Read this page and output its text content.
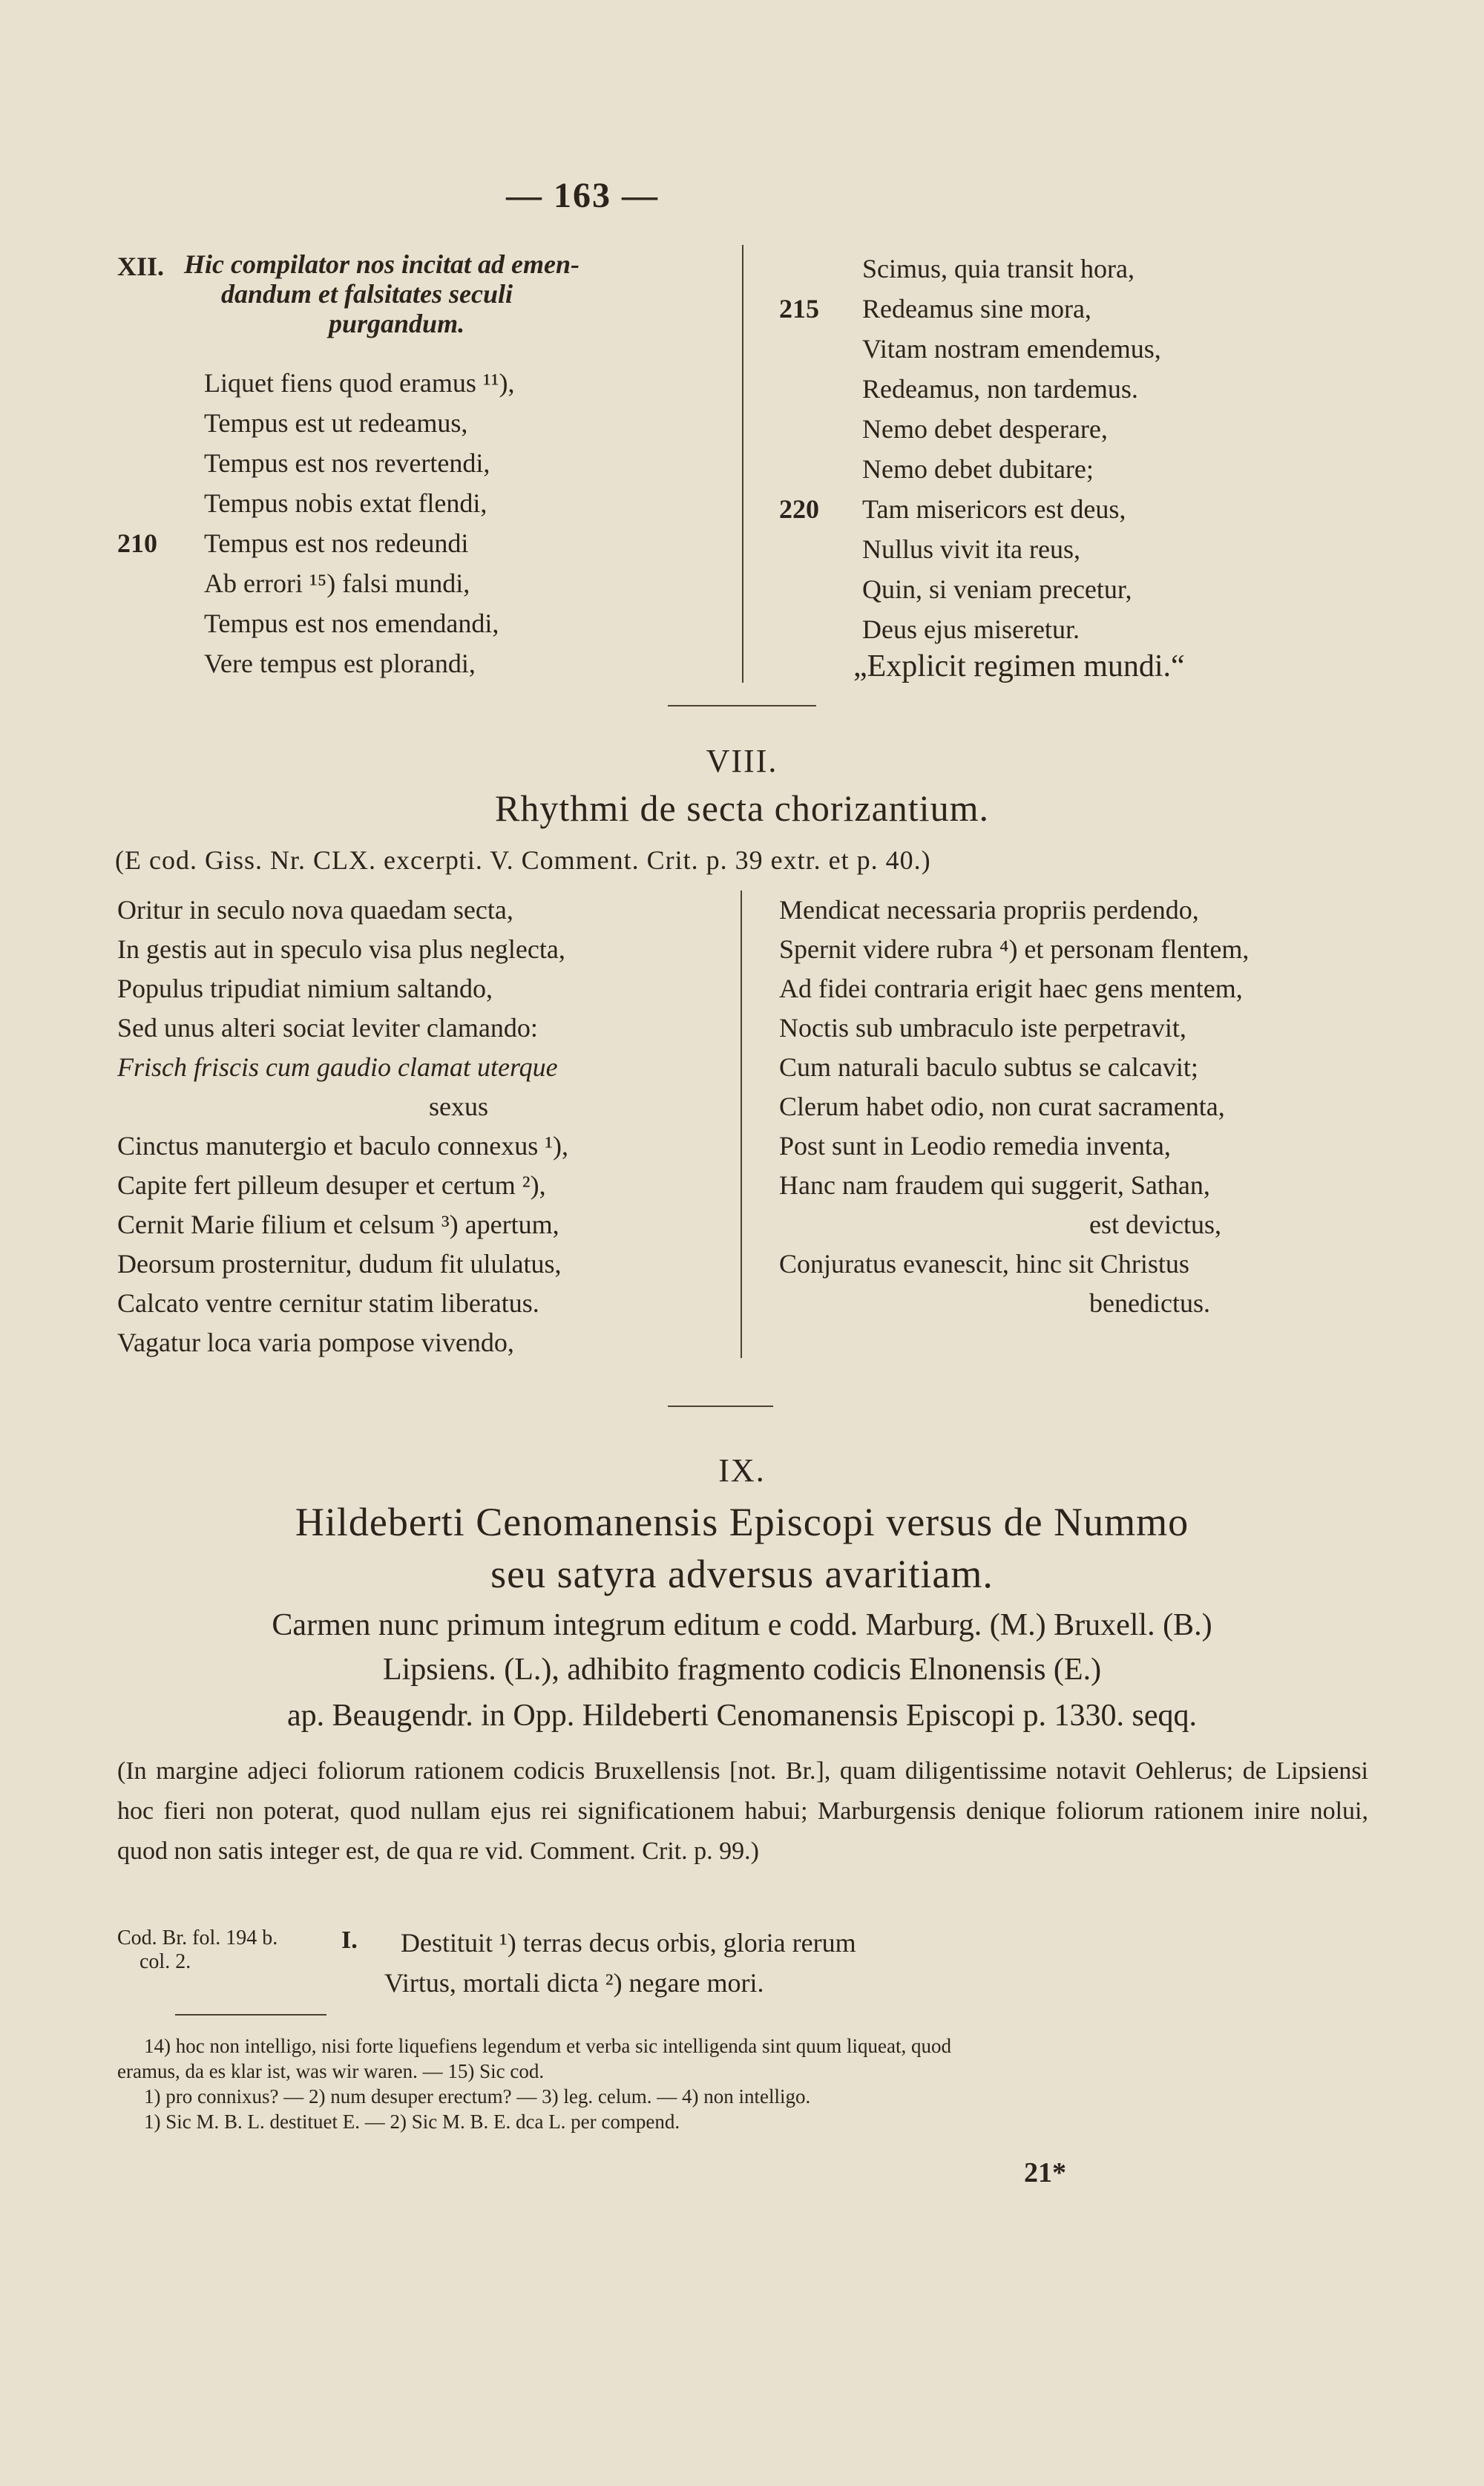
— 163 —
XII. Hic compilator nos incitat ad emen-
dandum et falsitates seculi
purgandum.
Liquet fiens quod eramus ¹¹),
Tempus est ut redeamus,
Tempus est nos revertendi,
Tempus nobis extat flendi,
210 Tempus est nos redeundi
Ab errori ¹⁵) falsi mundi,
Tempus est nos emendandi,
Vere tempus est plorandi,
Scimus, quia transit hora,
215 Redeamus sine mora,
Vitam nostram emendemus,
Redeamus, non tardemus.
Nemo debet desperare,
Nemo debet dubitare;
220 Tam misericors est deus,
Nullus vivit ita reus,
Quin, si veniam precetur,
Deus ejus miseretur.
„Explicit regimen mundi.“
VIII.
Rhythmi de secta chorizantium.
(E cod. Giss. Nr. CLX. excerpti. V. Comment. Crit. p. 39 extr. et p. 40.)
Oritur in seculo nova quaedam secta,
In gestis aut in speculo visa plus neglecta,
Populus tripudiat nimium saltando,
Sed unus alteri sociat leviter clamando:
Frisch friscis cum gaudio clamat uterque
sexus
Cinctus manutergio et baculo connexus ¹),
Capite fert pilleum desuper et certum ²),
Cernit Marie filium et celsum ³) apertum,
Deorsum prosternitur, dudum fit ululatus,
Calcato ventre cernitur statim liberatus.
Vagatur loca varia pompose vivendo,
Mendicat necessaria propriis perdendo,
Spernit videre rubra ⁴) et personam flentem,
Ad fidei contraria erigit haec gens mentem,
Noctis sub umbraculo iste perpetravit,
Cum naturali baculo subtus se calcavit;
Clerum habet odio, non curat sacramenta,
Post sunt in Leodio remedia inventa,
Hanc nam fraudem qui suggerit, Sathan,
est devictus,
Conjuratus evanescit, hinc sit Christus
benedictus.
IX.
Hildeberti Cenomanensis Episcopi versus de Nummo
seu satyra adversus avaritiam.
Carmen nunc primum integrum editum e codd. Marburg. (M.) Bruxell. (B.)
Lipsiens. (L.), adhibito fragmento codicis Elnonensis (E.)
ap. Beaugendr. in Opp. Hildeberti Cenomanensis Episcopi p. 1330. seqq.
(In margine adjeci foliorum rationem codicis Bruxellensis [not. Br.], quam diligentissime notavit Oehlerus; de Lipsiensi hoc fieri non poterat, quod nullam ejus rei significationem habui; Marburgensis denique foliorum rationem inire nolui, quod non satis integer est, de qua re vid. Comment. Crit. p. 99.)
Cod. Br. fol. 194 b.
col. 2.
I. Destituit ¹) terras decus orbis, gloria rerum
Virtus, mortali dicta ²) negare mori.
14) hoc non intelligo, nisi forte liquefiens legendum et verba sic intelligenda sint quum liqueat, quod
eramus, da es klar ist, was wir waren. — 15) Sic cod.
1) pro connixus? — 2) num desuper erectum? — 3) leg. celum. — 4) non intelligo.
1) Sic M. B. L. destituet E. — 2) Sic M. B. E. dca L. per compend.
21*
